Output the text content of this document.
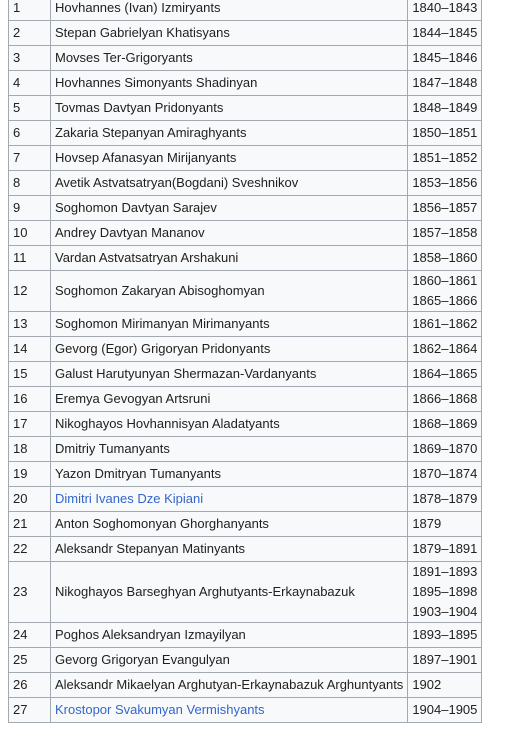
1	Hovhannes (Ivan) Izmiryants	1840–1843

2	Stepan Gabrielyan Khatisyans	1844–1845

3	Movses Ter-Grigoryants	1845–1846

4	Hovhannes Simonyants Shadinyan	1847–1848

5	Tovmas Davtyan Pridonyants	1848–1849

6	Zakaria Stepanyan Amiraghyants	1850–1851

7	Hovsep Afanasyan Mirijanyants	1851–1852

8	Avetik Astvatsatryan(Bogdani) Sveshnikov	1853–1856

9	Soghomon Davtyan Sarajev	1856–1857

10	Andrey Davtyan Mananov	1857–1858

11	Vardan Astvatsatryan Arshakuni	1858–1860

12	Soghomon Zakaryan Abisoghomyan	1860–1861
1865–1866

13	Soghomon Mirimanyan Mirimanyants	1861–1862

14	Gevorg (Egor) Grigoryan Pridonyants	1862–1864

15	Galust Harutyunyan Shermazan-Vardanyants	1864–1865

16	Eremya Gevogyan Artsruni	1866–1868

17	Nikoghayos Hovhannisyan Aladatyants	1868–1869

18	Dmitriy Tumanyants	1869–1870

19	Yazon Dmitryan Tumanyants	1870–1874

20	Dimitri Ivanes Dze Kipiani	1878–1879

21	Anton Soghomonyan Ghorghanyants	1879

22	Aleksandr Stepanyan Matinyants	1879–1891

23	Nikoghayos Barseghyan Arghutyants-Erkaynabazuk	1891–1893
1895–1898
1903–1904

24	Poghos Aleksandryan Izmayilyan	1893–1895

25	Gevorg Grigoryan Evangulyan	1897–1901

26	Aleksandr Mikaelyan Arghutyan-Erkaynabazuk Arghuntyants	1902

27	Krostopor Svakumyan Vermishyants	1904–1905
